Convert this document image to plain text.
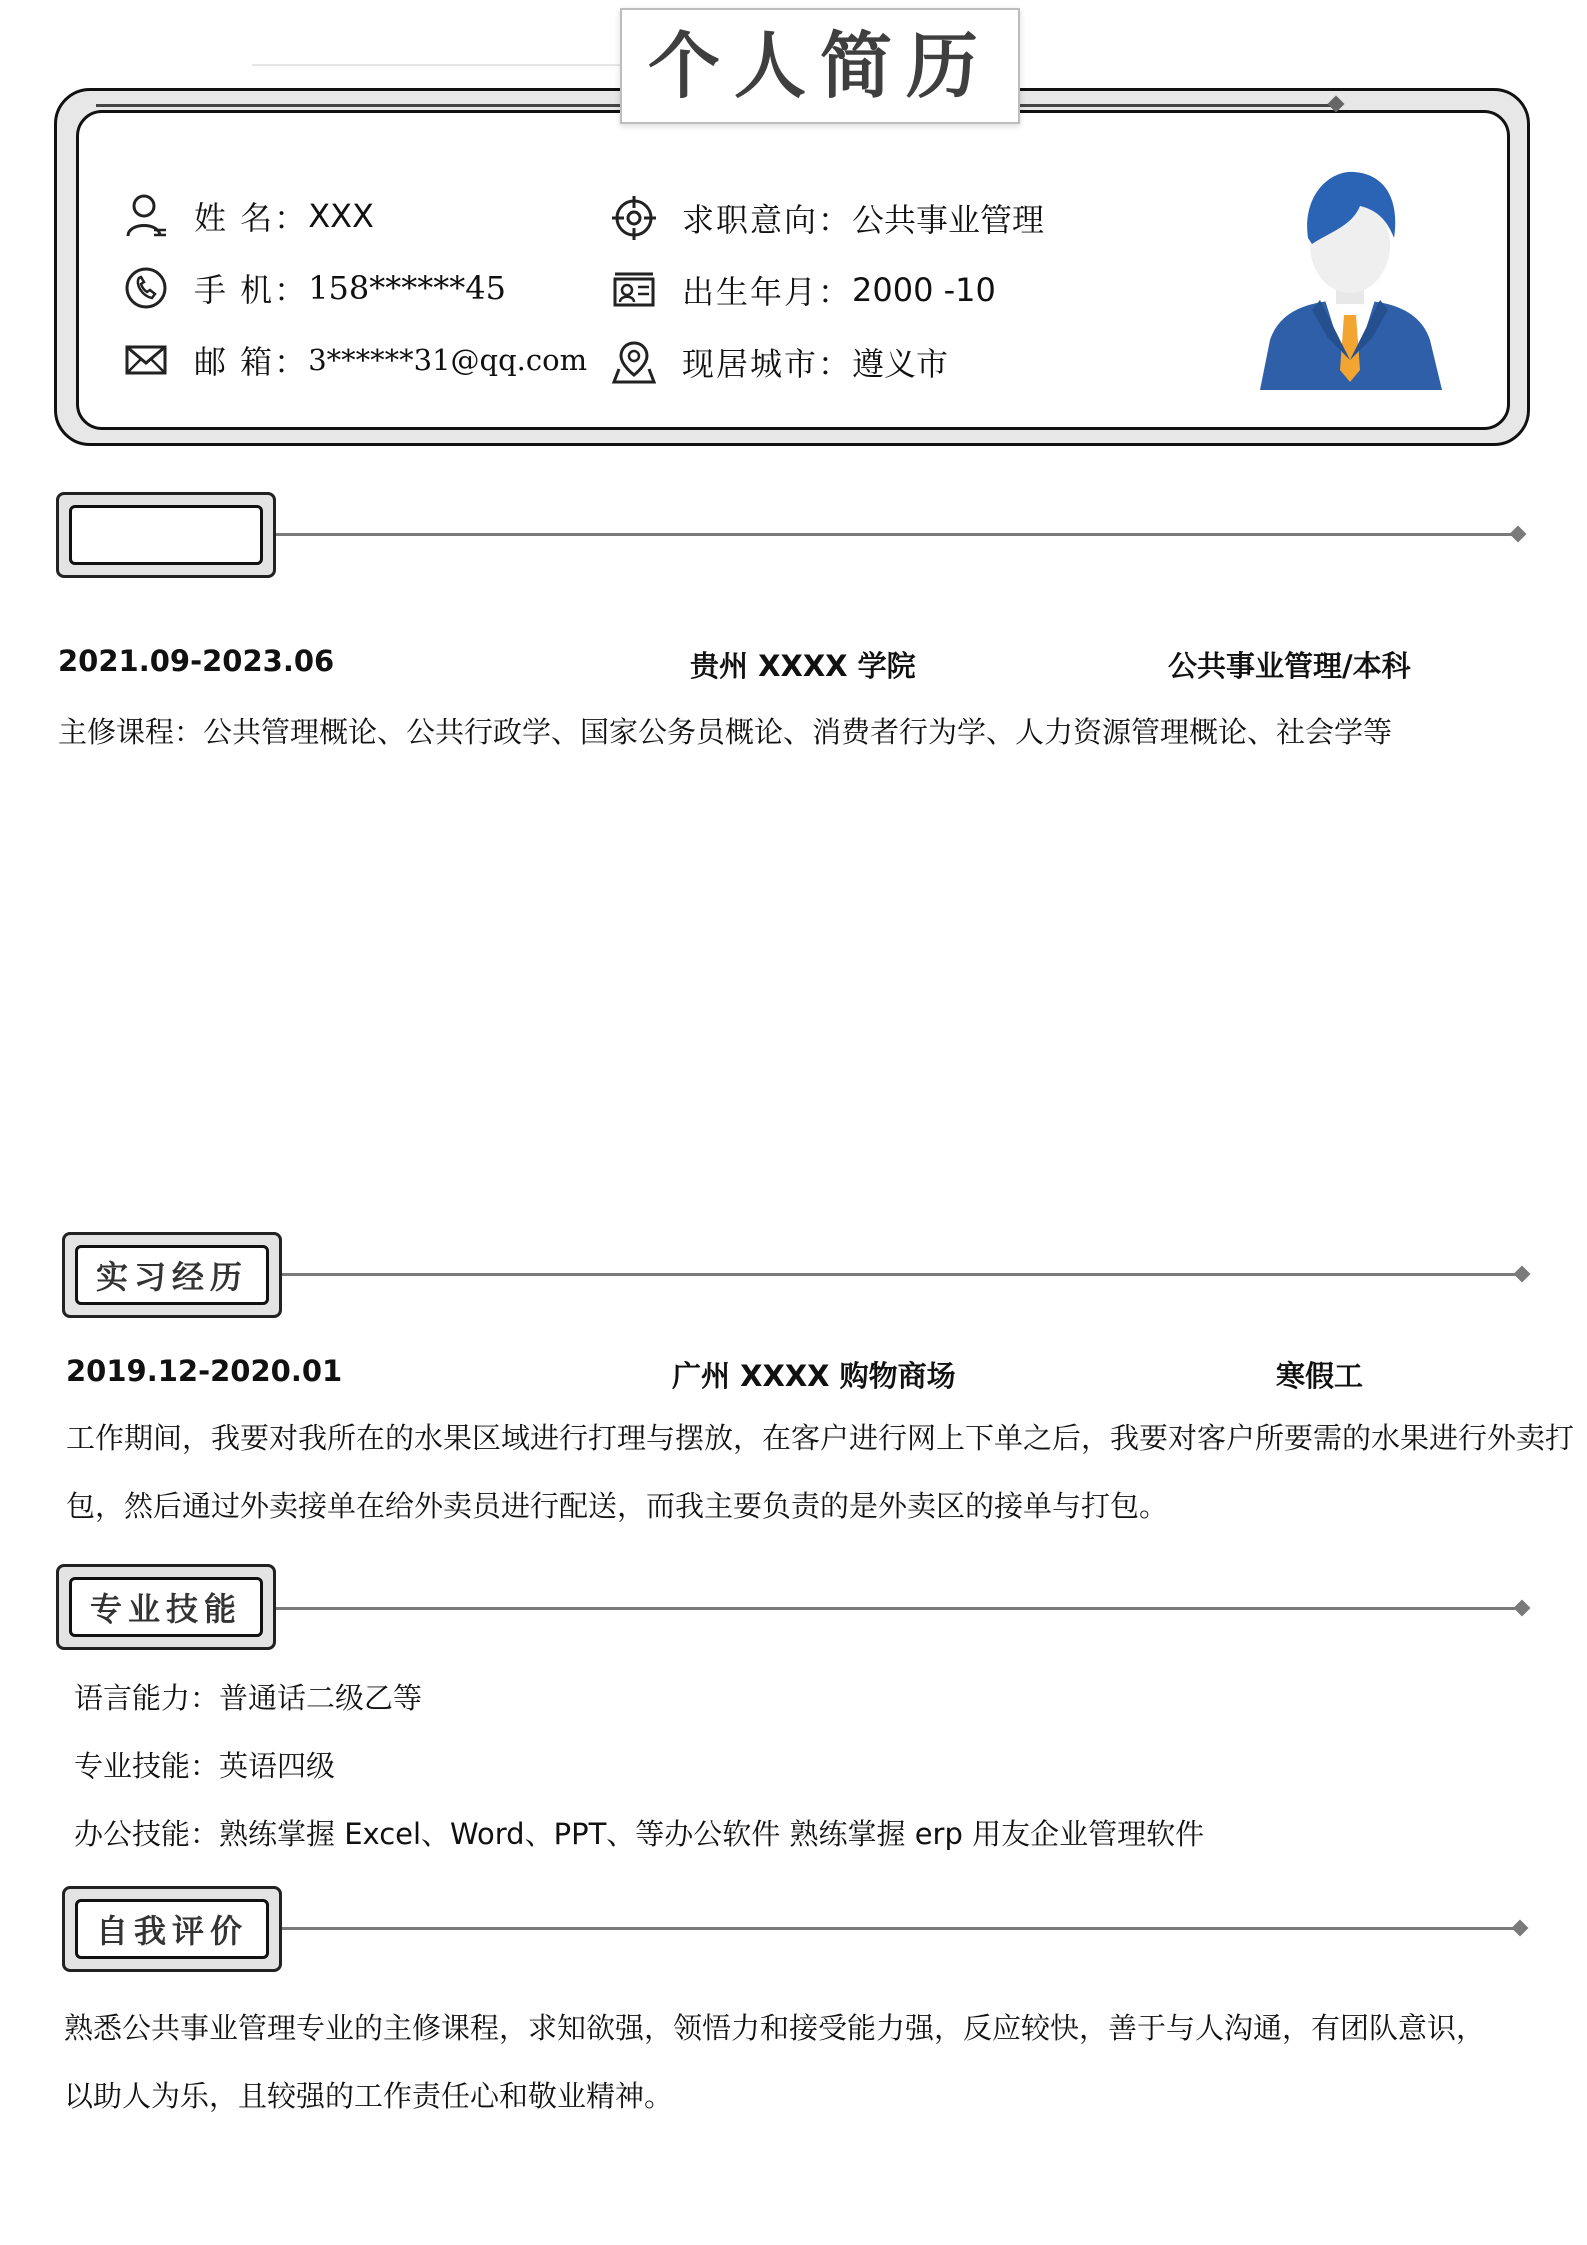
个人简历
姓 名： XXX
手 机： 158******45
邮 箱： 3******31@qq.com
求职意向： 公共事业管理
出生年月： 2000 -10
现居城市： 遵义市
2021.09-2023.06	贵州 XXXX 学院	公共事业管理/本科
主修课程：公共管理概论、公共行政学、国家公务员概论、消费者行为学、人力资源管理概论、社会学等
实习经历
2019.12-2020.01	广州 XXXX 购物商场	寒假工
工作期间，我要对我所在的水果区域进行打理与摆放，在客户进行网上下单之后，我要对客户所要需的水果进行外卖打
包，然后通过外卖接单在给外卖员进行配送，而我主要负责的是外卖区的接单与打包。
专业技能
语言能力：普通话二级乙等
专业技能：英语四级
办公技能：熟练掌握 Excel、Word、PPT、等办公软件 熟练掌握 erp 用友企业管理软件
自我评价
熟悉公共事业管理专业的主修课程，求知欲强，领悟力和接受能力强，反应较快，善于与人沟通，有团队意识，
以助人为乐，且较强的工作责任心和敬业精神。
